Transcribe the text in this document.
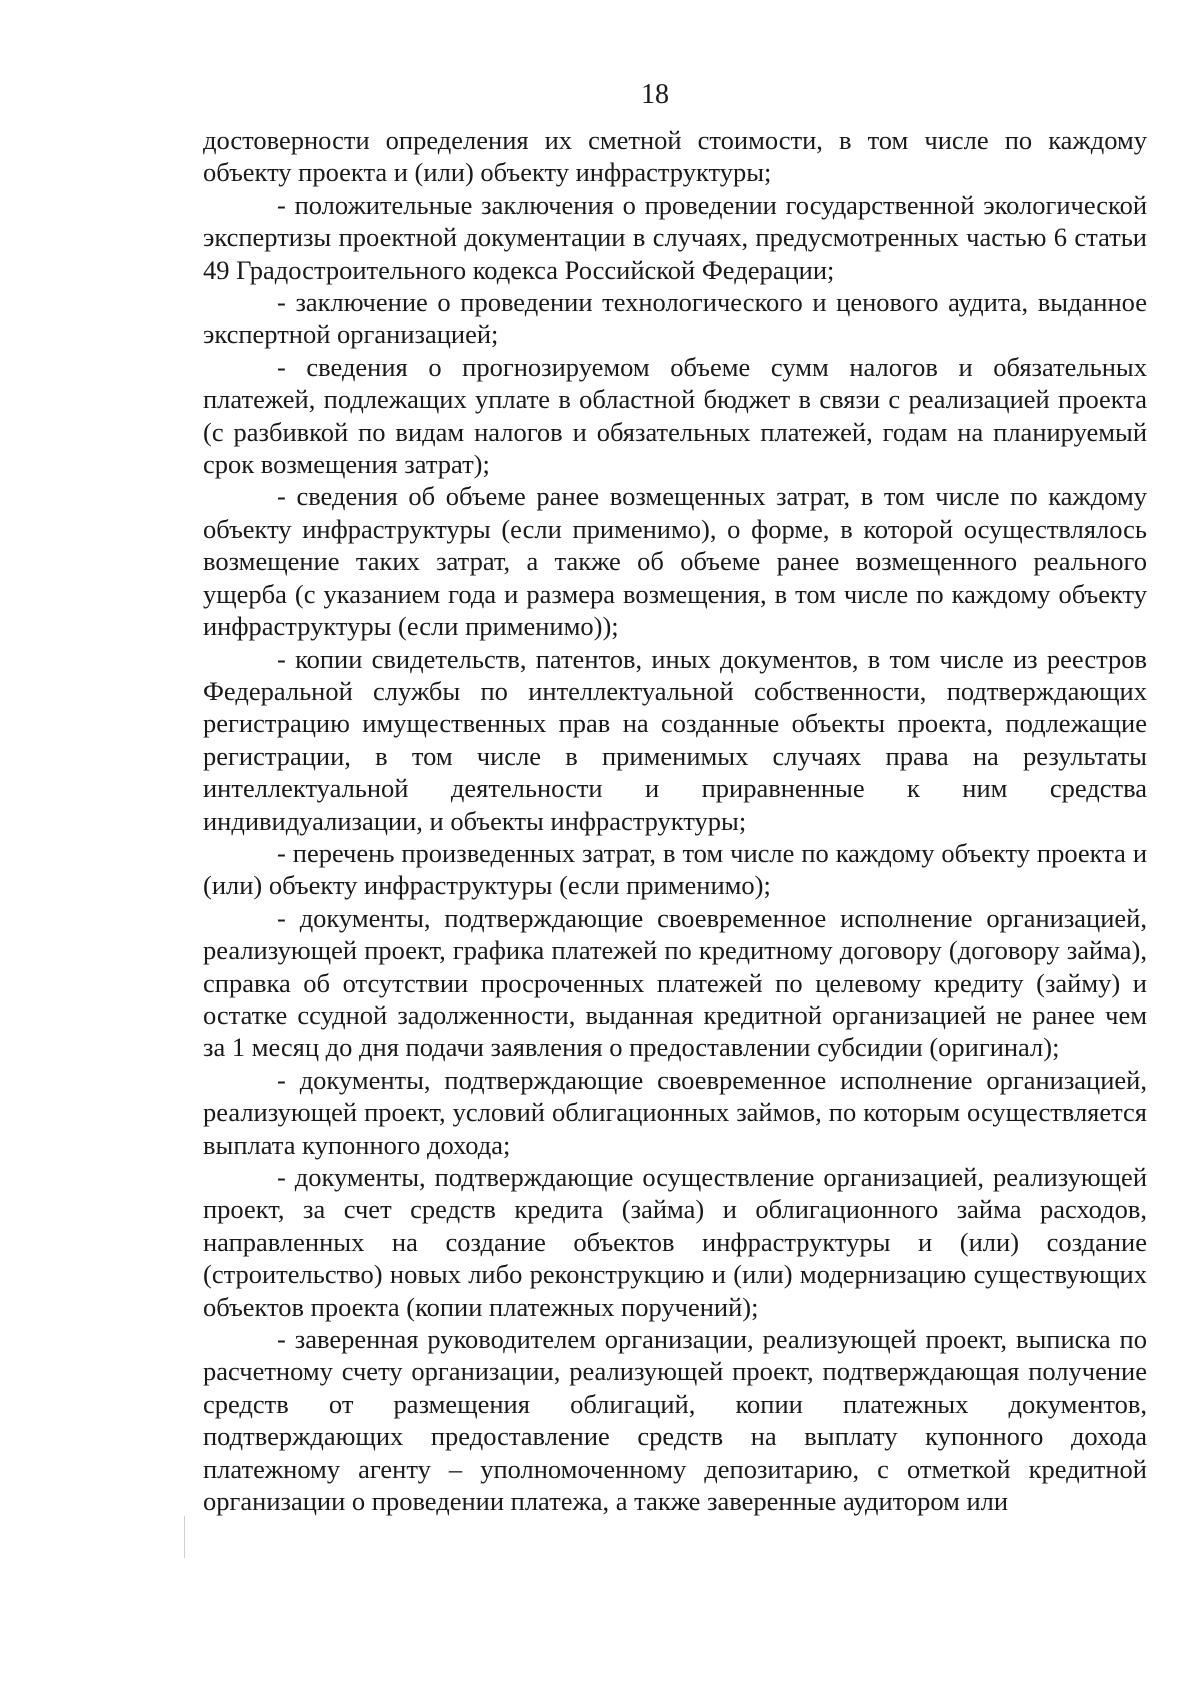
18

достоверности определения их сметной стоимости, в том числе по каждому объекту проекта и (или) объекту инфраструктуры;

- положительные заключения о проведении государственной экологической экспертизы проектной документации в случаях, предусмотренных частью 6 статьи 49 Градостроительного кодекса Российской Федерации;

- заключение о проведении технологического и ценового аудита, выданное экспертной организацией;

- сведения о прогнозируемом объеме сумм налогов и обязательных платежей, подлежащих уплате в областной бюджет в связи с реализацией проекта (с разбивкой по видам налогов и обязательных платежей, годам на планируемый срок возмещения затрат);

- сведения об объеме ранее возмещенных затрат, в том числе по каждому объекту инфраструктуры (если применимо), о форме, в которой осуществлялось возмещение таких затрат, а также об объеме ранее возмещенного реального ущерба (с указанием года и размера возмещения, в том числе по каждому объекту инфраструктуры (если применимо));

- копии свидетельств, патентов, иных документов, в том числе из реестров Федеральной службы по интеллектуальной собственности, подтверждающих регистрацию имущественных прав на созданные объекты проекта, подлежащие регистрации, в том числе в применимых случаях права на результаты интеллектуальной деятельности и приравненные к ним средства индивидуализации, и объекты инфраструктуры;

- перечень произведенных затрат, в том числе по каждому объекту проекта и (или) объекту инфраструктуры (если применимо);

- документы, подтверждающие своевременное исполнение организацией, реализующей проект, графика платежей по кредитному договору (договору займа), справка об отсутствии просроченных платежей по целевому кредиту (займу) и остатке ссудной задолженности, выданная кредитной организацией не ранее чем за 1 месяц до дня подачи заявления о предоставлении субсидии (оригинал);

- документы, подтверждающие своевременное исполнение организацией, реализующей проект, условий облигационных займов, по которым осуществляется выплата купонного дохода;

- документы, подтверждающие осуществление организацией, реализующей проект, за счет средств кредита (займа) и облигационного займа расходов, направленных на создание объектов инфраструктуры и (или) создание (строительство) новых либо реконструкцию и (или) модернизацию существующих объектов проекта (копии платежных поручений);

- заверенная руководителем организации, реализующей проект, выписка по расчетному счету организации, реализующей проект, подтверждающая получение средств от размещения облигаций, копии платежных документов, подтверждающих предоставление средств на выплату купонного дохода платежному агенту – уполномоченному депозитарию, с отметкой кредитной организации о проведении платежа, а также заверенные аудитором или
